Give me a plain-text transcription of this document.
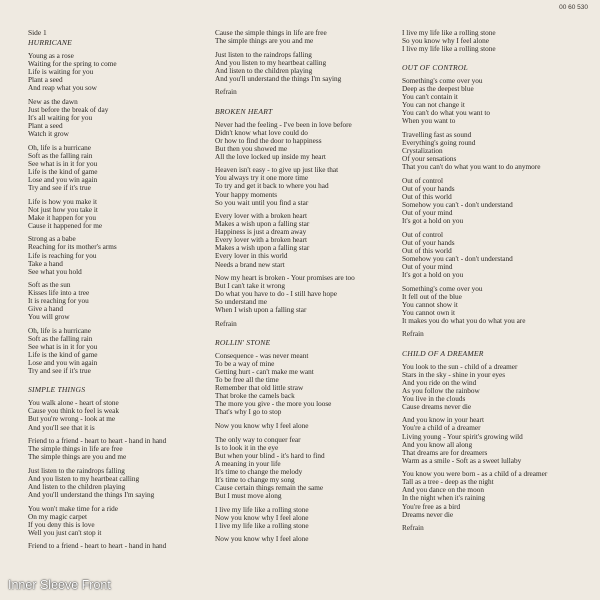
00 60 530
Side 1
HURRICANE
Young as a rose
Waiting for the spring to come
Life is waiting for you
Plant a seed
And reap what you sow
New as the dawn
Just before the break of day
It's all waiting for you
Plant a seed
Watch it grow
Oh, life is a hurricane
Soft as the falling rain
See what is in it for you
Life is the kind of game
Lose and you win again
Try and see if it's true
Life is how you make it
Not just how you take it
Make it happen for you
Cause it happened for me
Strong as a babe
Reaching for its mother's arms
Life is reaching for you
Take a hand
See what you hold
Soft as the sun
Kisses life into a tree
It is reaching for you
Give a hand
You will grow
Oh, life is a hurricane
Soft as the falling rain
See what is in it for you
Life is the kind of game
Lose and you win again
Try and see if it's true
SIMPLE THINGS
You walk alone - heart of stone
Cause you think to feel is weak
But you're wrong - look at me
And you'll see that it is
Friend to a friend - heart to heart - hand in hand
The simple things in life are free
The simple things are you and me
Just listen to the raindrops falling
And you listen to my heartbeat calling
And listen to the children playing
And you'll understand the things I'm saying
You won't make time for a ride
On my magic carpet
If you deny this is love
Well you just can't stop it
Friend to a friend - heart to heart - hand in hand
Cause the simple things in life are free
The simple things are you and me
Just listen to the raindrops falling
And you listen to my heartbeat calling
And listen to the children playing
And you'll understand the things I'm saying
Refrain
BROKEN HEART
Never had the feeling - I've been in love before
Didn't know what love could do
Or how to find the door to happiness
But then you showed me
All the love locked up inside my heart
Heaven isn't easy - to give up just like that
You always try it one more time
To try and get it back to where you had
Your happy moments
So you wait until you find a star
Every lover with a broken heart
Makes a wish upon a falling star
Happiness is just a dream away
Every lover with a broken heart
Makes a wish upon a falling star
Every lover in this world
Needs a brand new start
Now my heart is broken - Your promises are too
But I can't take it wrong
Do what you have to do - I still have hope
So understand me
When I wish upon a falling star
Refrain
ROLLIN' STONE
Consequence - was never meant
To be a way of mine
Getting hurt - can't make me want
To be free all the time
Remember that old little straw
That broke the camels back
The more you give - the more you loose
That's why I go to stop
Now you know why I feel alone
The only way to conquer fear
Is to look it in the eye
But when your blind - it's hard to find
A meaning in your life
It's time to change the melody
It's time to change my song
Cause certain things remain the same
But I must move along
I live my life like a rolling stone
Now you know why I feel alone
I live my life like a rolling stone
Now you know why I feel alone
I live my life like a rolling stone
So you know why I feel alone
I live my life like a rolling stone
OUT OF CONTROL
Something's come over you
Deep as the deepest blue
You can't contain it
You can not change it
You can't do what you want to
When you want to
Travelling fast as sound
Everything's going round
Crystalization
Of your sensations
That you can't do what you want to do anymore
Out of control
Out of your hands
Out of this world
Somehow you can't - don't understand
Out of your mind
It's got a hold on you
Out of control
Out of your hands
Out of this world
Somehow you can't - don't understand
Out of your mind
It's got a hold on you
Something's come over you
It fell out of the blue
You cannot show it
You cannot own it
It makes you do what you do what you are
Refrain
CHILD OF A DREAMER
You look to the sun - child of a dreamer
Stars in the sky - shine in your eyes
And you ride on the wind
As you follow the rainbow
You live in the clouds
Cause dreams never die
And you know in your heart
You're a child of a dreamer
Living young - Your spirit's growing wild
And you know all along
That dreams are for dreamers
Warm as a smile - Soft as a sweet lullaby
You know you were born - as a child of a dreamer
Tall as a tree - deep as the night
And you dance on the moon
In the night when it's raining
You're free as a bird
Dreams never die
Refrain
Inner Sleeve Front
